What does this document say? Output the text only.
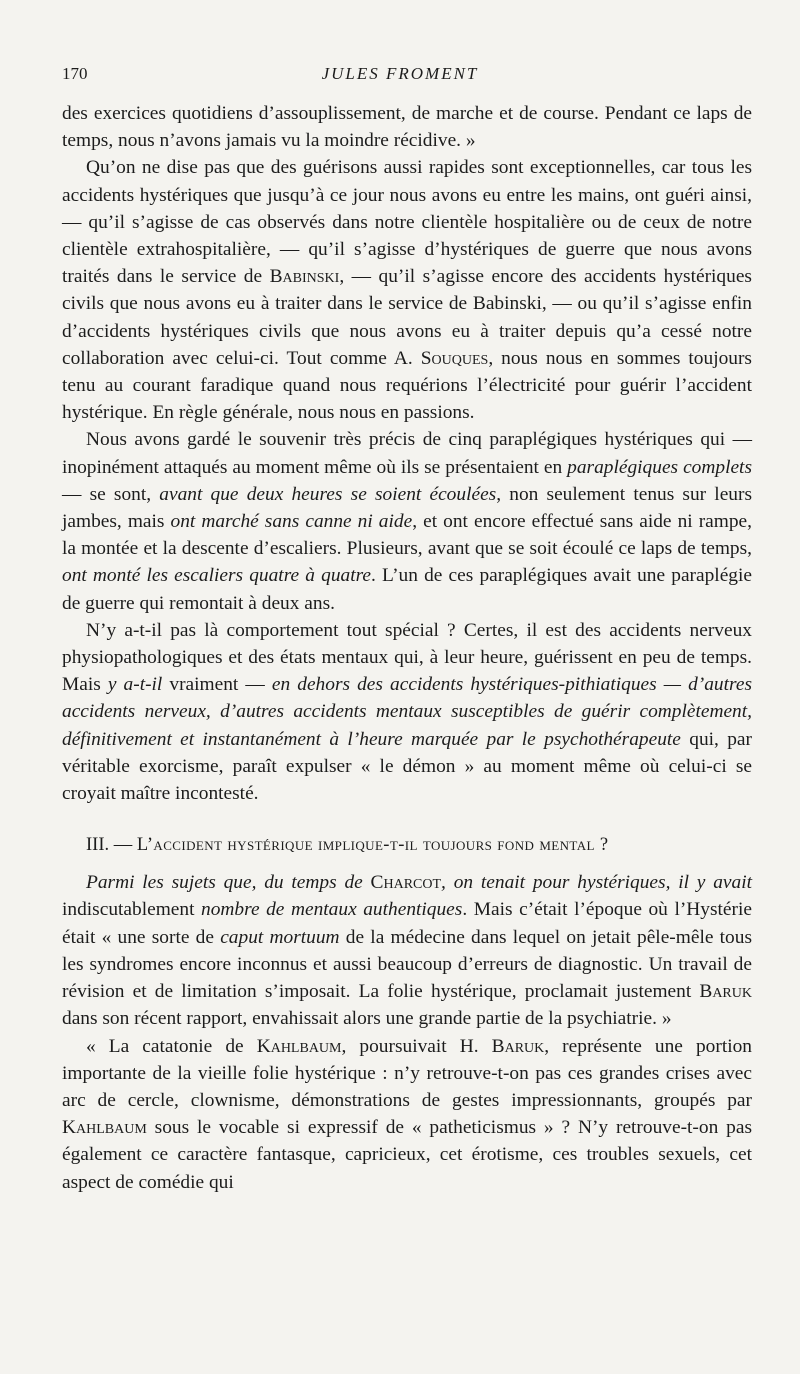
170	JULES FROMENT

des exercices quotidiens d’assouplissement, de marche et de course. Pendant ce laps de temps, nous n’avons jamais vu la moindre récidive. »

Qu’on ne dise pas que des guérisons aussi rapides sont exceptionnelles, car tous les accidents hystériques que jusqu’à ce jour nous avons eu entre les mains, ont guéri ainsi, — qu’il s’agisse de cas observés dans notre clientèle hospitalière ou de ceux de notre clientèle extrahospitalière, — qu’il s’agisse d’hystériques de guerre que nous avons traités dans le service de Babinski, — qu’il s’agisse encore des accidents hystériques civils que nous avons eu à traiter dans le service de Babinski, — ou qu’il s’agisse enfin d’accidents hystériques civils que nous avons eu à traiter depuis qu’a cessé notre collaboration avec celui-ci. Tout comme A. Souques, nous nous en sommes toujours tenu au courant faradique quand nous requérions l’électricité pour guérir l’accident hystérique. En règle générale, nous nous en passions.

Nous avons gardé le souvenir très précis de cinq paraplégiques hystériques qui — inopinément attaqués au moment même où ils se présentaient en paraplégiques complets — se sont, avant que deux heures se soient écoulées, non seulement tenus sur leurs jambes, mais ont marché sans canne ni aide, et ont encore effectué sans aide ni rampe, la montée et la descente d’escaliers. Plusieurs, avant que se soit écoulé ce laps de temps, ont monté les escaliers quatre à quatre. L’un de ces paraplégiques avait une paraplégie de guerre qui remontait à deux ans.

N’y a-t-il pas là comportement tout spécial ? Certes, il est des accidents nerveux physiopathologiques et des états mentaux qui, à leur heure, guérissent en peu de temps. Mais y a-t-il vraiment — en dehors des accidents hystériques-pithiatiques — d’autres accidents nerveux, d’autres accidents mentaux susceptibles de guérir complètement, définitivement et instantanément à l’heure marquée par le psychothérapeute qui, par véritable exorcisme, paraît expulser « le démon » au moment même où celui-ci se croyait maître incontesté.

III. — L’accident hystérique implique-t-il toujours fond mental ?

Parmi les sujets que, du temps de Charcot, on tenait pour hystériques, il y avait indiscutablement nombre de mentaux authentiques. Mais c’était l’époque où l’Hystérie était « une sorte de caput mortuum de la médecine dans lequel on jetait pêle-mêle tous les syndromes encore inconnus et aussi beaucoup d’erreurs de diagnostic. Un travail de révision et de limitation s’imposait. La folie hystérique, proclamait justement Baruk dans son récent rapport, envahissait alors une grande partie de la psychiatrie. »

« La catatonie de Kahlbaum, poursuivait H. Baruk, représente une portion importante de la vieille folie hystérique : n’y retrouve-t-on pas ces grandes crises avec arc de cercle, clownisme, démonstrations de gestes impressionnants, groupés par Kahlbaum sous le vocable si expressif de « patheticismus » ? N’y retrouve-t-on pas également ce caractère fantasque, capricieux, cet érotisme, ces troubles sexuels, cet aspect de comédie qui
